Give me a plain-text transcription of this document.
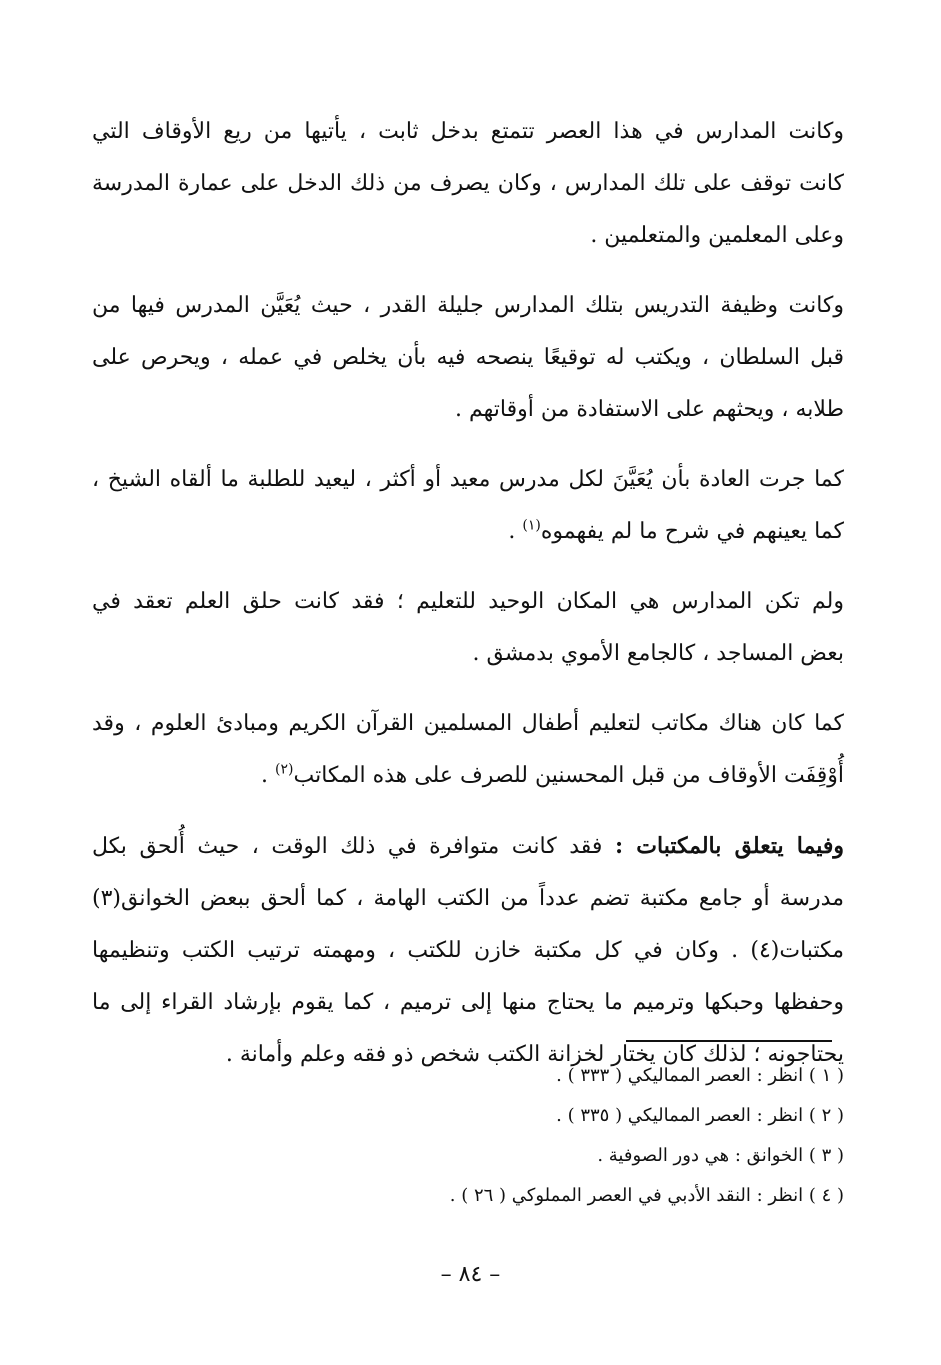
وكانت المدارس في هذا العصر تتمتع بدخل ثابت ، يأتيها من ريع الأوقاف التي

كانت توقف على تلك المدارس ، وكان يصرف من ذلك الدخل على عمارة المدرسة

وعلى المعلمين والمتعلمين .

وكانت وظيفة التدريس بتلك المدارس جليلة القدر ، حيث يُعَيَّن المدرس فيها من

قبل السلطان ، ويكتب له توقيعًا ينصحه فيه بأن يخلص في عمله ، ويحرص على

طلابه ، ويحثهم على الاستفادة من أوقاتهم .

كما جرت العادة بأن يُعَيَّنَ لكل مدرس معيد أو أكثر ، ليعيد للطلبة ما ألقاه الشيخ ،

كما يعينهم في شرح ما لم يفهموه$^{(١)}$ .

ولم تكن المدارس هي المكان الوحيد للتعليم ؛ فقد كانت حلق العلم تعقد في

بعض المساجد ، كالجامع الأموي بدمشق .

كما كان هناك مكاتب لتعليم أطفال المسلمين القرآن الكريم ومبادئ العلوم ، وقد

أُوْقِفَت الأوقاف من قبل المحسنين للصرف على هذه المكاتب$^{(٢)}$ .

وفيما يتعلق بالمكتبات : فقد كانت متوافرة في ذلك الوقت ، حيث أُلحق بكل

مدرسة أو جامع مكتبة تضم عدداً من الكتب الهامة ، كما ألحق ببعض الخوانق(٣)

مكتبات(٤) . وكان في كل مكتبة خازن للكتب ، ومهمته ترتيب الكتب وتنظيمها

وحفظها وحبكها وترميم ما يحتاج منها إلى ترميم ، كما يقوم بإرشاد القراء إلى ما

يحتاجونه ؛ لذلك كان يختار لخزانة الكتب شخص ذو فقه وعلم وأمانة .

( ١ ) انظر : العصر المماليكي ( ٣٣٣ ) .

( ٢ ) انظر : العصر المماليكي ( ٣٣٥ ) .

( ٣ ) الخوانق : هي دور الصوفية .

( ٤ ) انظر : النقد الأدبي في العصر المملوكي ( ٢٦ ) .

– ٨٤ –
